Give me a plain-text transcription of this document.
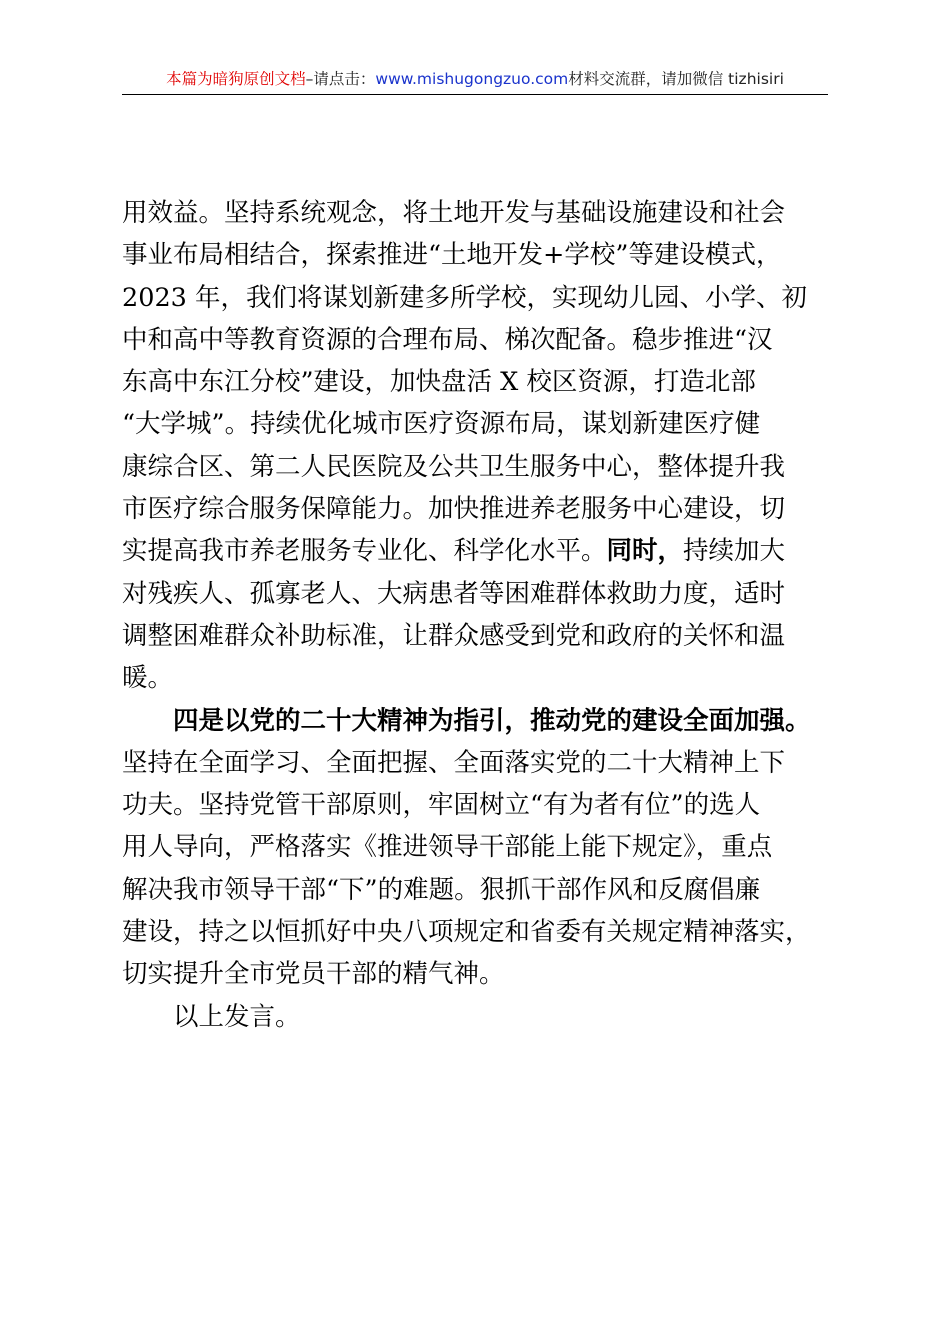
本篇为暗狗原创文档–请点击：www.mishugongzuo.com材料交流群，请加微信 tizhisiri
用效益。坚持系统观念，将土地开发与基础设施建设和社会
事业布局相结合，探索推进“土地开发+学校”等建设模式，
2023 年，我们将谋划新建多所学校，实现幼儿园、小学、初
中和高中等教育资源的合理布局、梯次配备。稳步推进“汉
东高中东江分校”建设，加快盘活 X 校区资源，打造北部
“大学城”。持续优化城市医疗资源布局，谋划新建医疗健
康综合区、第二人民医院及公共卫生服务中心，整体提升我
市医疗综合服务保障能力。加快推进养老服务中心建设，切
实提高我市养老服务专业化、科学化水平。同时，持续加大
对残疾人、孤寡老人、大病患者等困难群体救助力度，适时
调整困难群众补助标准，让群众感受到党和政府的关怀和温
暖。
四是以党的二十大精神为指引，推动党的建设全面加强。
坚持在全面学习、全面把握、全面落实党的二十大精神上下
功夫。坚持党管干部原则，牢固树立“有为者有位”的选人
用人导向，严格落实《推进领导干部能上能下规定》，重点
解决我市领导干部“下”的难题。狠抓干部作风和反腐倡廉
建设，持之以恒抓好中央八项规定和省委有关规定精神落实，
切实提升全市党员干部的精气神。
以上发言。
